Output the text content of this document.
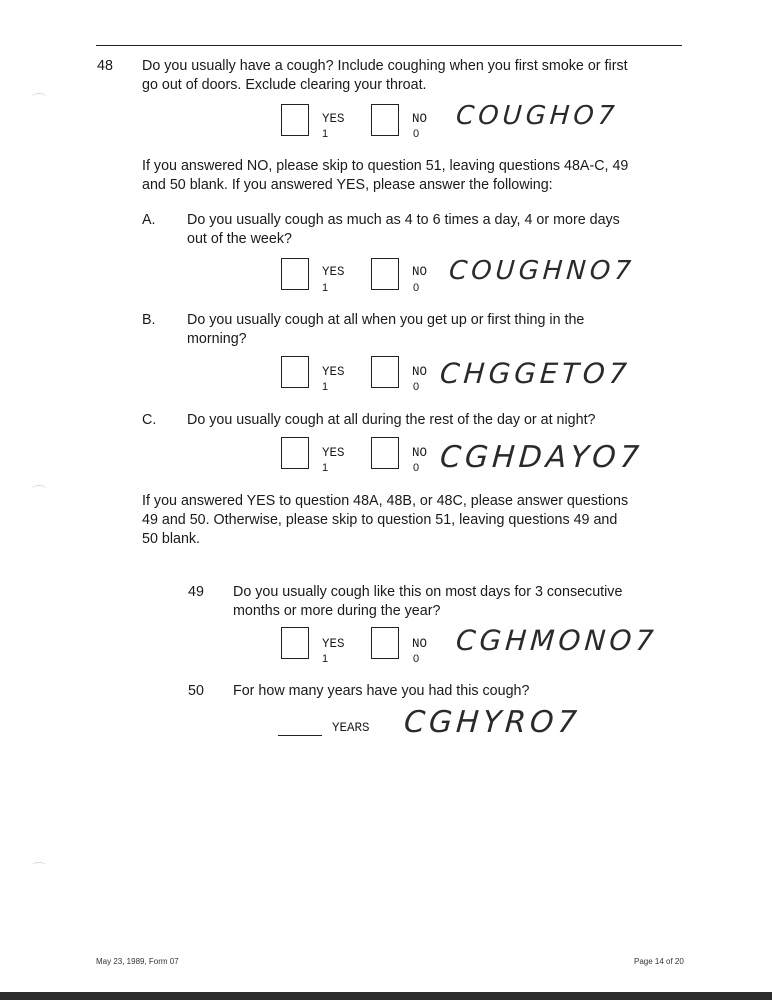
48 Do you usually have a cough? Include coughing when you first smoke or first
go out of doors. Exclude clearing your throat.
YES
1
NO
0
COUGHO7
If you answered NO, please skip to question 51, leaving questions 48A-C, 49
and 50 blank. If you answered YES, please answer the following:
A. Do you usually cough as much as 4 to 6 times a day, 4 or more days
out of the week?
YES
1
NO
0
COUGHNO7
B. Do you usually cough at all when you get up or first thing in the
morning?
YES
1
NO
0 CHGGETO7
C. Do you usually cough at all during the rest of the day or at night?
YES
1
NO
0 CGHDAYO7
If you answered YES to question 48A, 48B, or 48C, please answer questions
49 and 50. Otherwise, please skip to question 51, leaving questions 49 and
50 blank.
49 Do you usually cough like this on most days for 3 consecutive
months or more during the year?
YES
1
NO
0
CGHMONO7
50 For how many years have you had this cough?
YEARS CGHYRO7
May 23, 1989, Form 07	Page 14 of 20
